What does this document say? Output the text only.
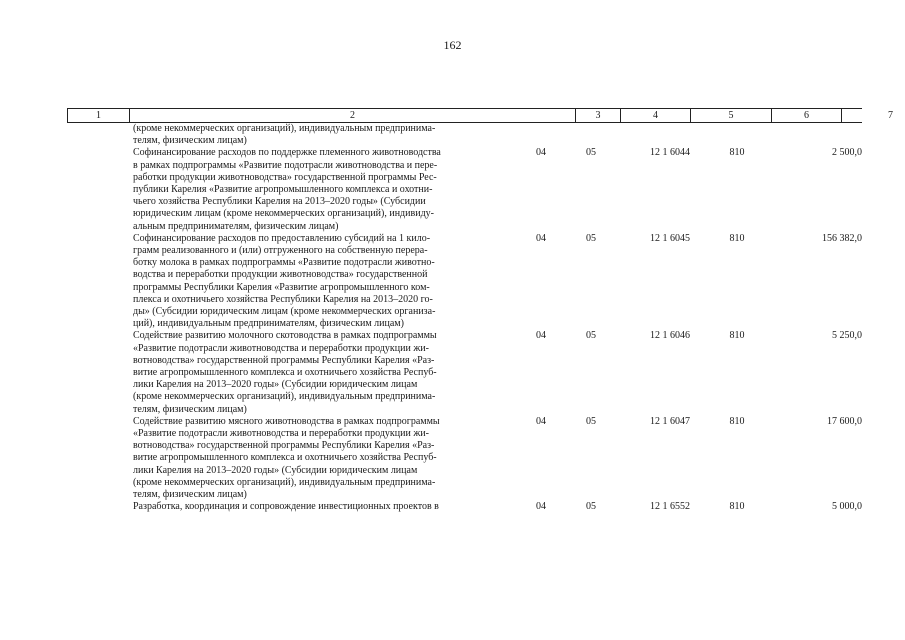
162
1	2	3	4	5	6	7
(кроме некоммерческих организаций), индивидуальным предпринима-
телям, физическим лицам)
Софинансирование расходов по поддержке племенного животноводства
в рамках подпрограммы «Развитие подотрасли животноводства и пере-
работки продукции животноводства» государственной программы Рес-
публики Карелия «Развитие агропромышленного комплекса и охотни-
чьего хозяйства Республики Карелия на 2013–2020 годы» (Субсидии
юридическим лицам (кроме некоммерческих организаций), индивиду-
альным предпринимателям, физическим лицам)
04	05	12 1 6044	810	2 500,0
Софинансирование расходов по предоставлению субсидий на 1 кило-
грамм реализованного и (или) отгруженного на собственную перера-
ботку молока в рамках подпрограммы «Развитие подотрасли животно-
водства и переработки продукции животноводства» государственной
программы Республики Карелия «Развитие агропромышленного ком-
плекса и охотничьего хозяйства Республики Карелия на 2013–2020 го-
ды» (Субсидии юридическим лицам (кроме некоммерческих организа-
ций), индивидуальным предпринимателям, физическим лицам)
04	05	12 1 6045	810	156 382,0
Содействие развитию молочного скотоводства в рамках подпрограммы
«Развитие подотрасли животноводства и переработки продукции жи-
вотноводства» государственной программы Республики Карелия «Раз-
витие агропромышленного комплекса и охотничьего хозяйства Респуб-
лики Карелия на 2013–2020 годы» (Субсидии юридическим лицам
(кроме некоммерческих организаций), индивидуальным предпринима-
телям, физическим лицам)
04	05	12 1 6046	810	5 250,0
Содействие развитию мясного животноводства в рамках подпрограммы
«Развитие подотрасли животноводства и переработки продукции жи-
вотноводства» государственной программы Республики Карелия «Раз-
витие агропромышленного комплекса и охотничьего хозяйства Респуб-
лики Карелия на 2013–2020 годы» (Субсидии юридическим лицам
(кроме некоммерческих организаций), индивидуальным предпринима-
телям, физическим лицам)
04	05	12 1 6047	810	17 600,0
Разработка, координация и сопровождение инвестиционных проектов в	04	05	12 1 6552	810	5 000,0
